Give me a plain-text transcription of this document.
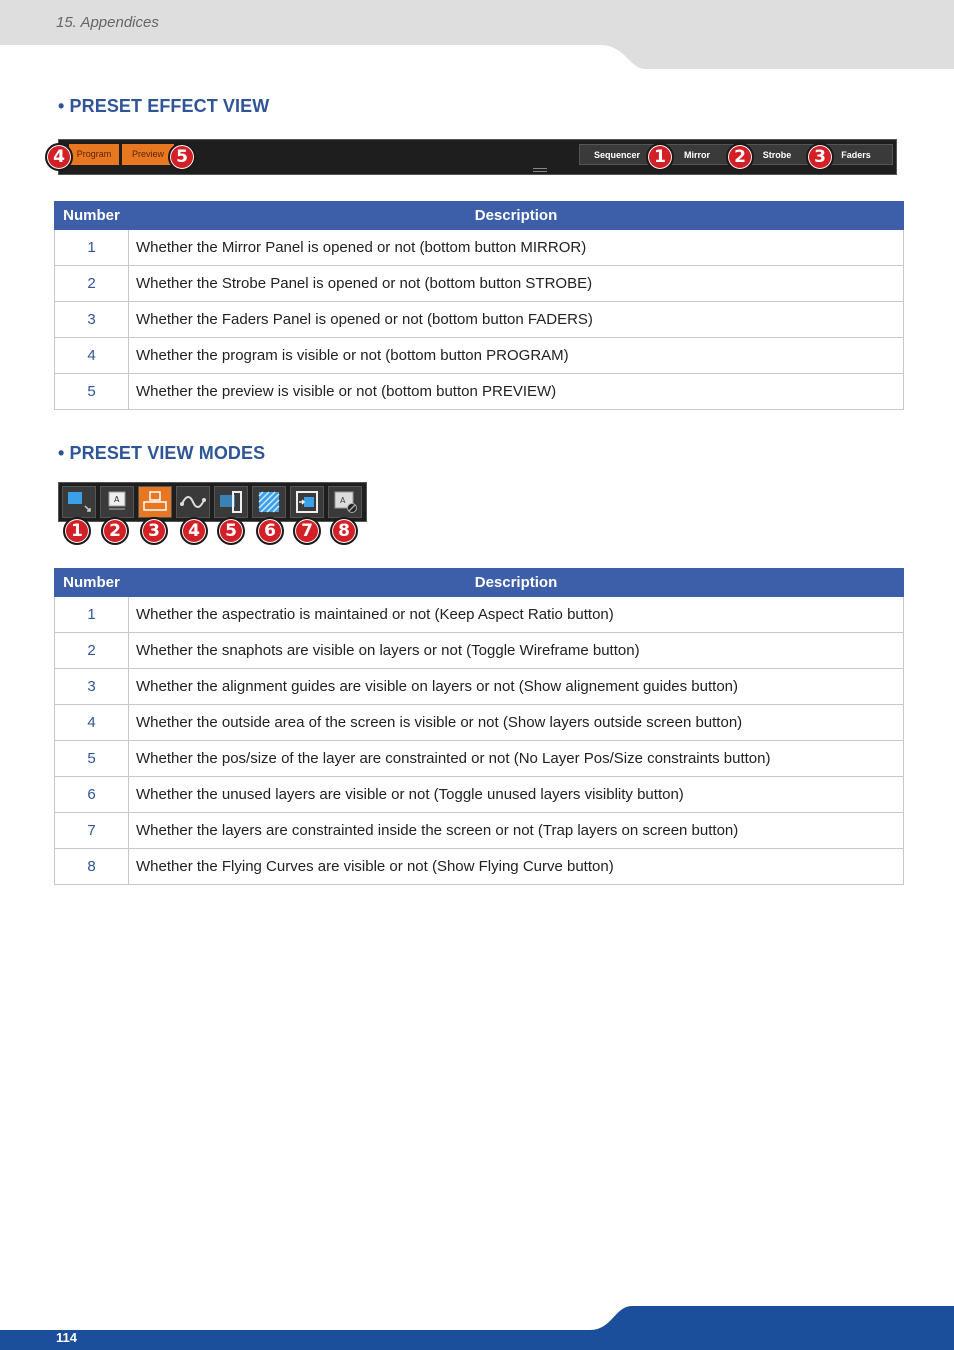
15. Appendices
• PRESET EFFECT VIEW
Program	Preview	Sequencer	Mirror	Strobe	Faders
4	5	1	2	3
Number	Description
1	Whether the Mirror Panel is opened or not (bottom button MIRROR)
2	Whether the Strobe Panel is opened or not (bottom button STROBE)
3	Whether the Faders Panel is opened or not (bottom button FADERS)
4	Whether the program is visible or not (bottom button PROGRAM)
5	Whether the preview is visible or not (bottom button PREVIEW)
• PRESET VIEW MODES
A	A
1	2	3	4	5	6	7	8
Number	Description
1	Whether the aspectratio is maintained or not (Keep Aspect Ratio button)
2	Whether the snaphots are visible on layers or not (Toggle Wireframe button)
3	Whether the alignment guides are visible on layers or not (Show alignement guides button)
4	Whether the outside area of the screen is visible or not (Show layers outside screen button)
5	Whether the pos/size of the layer are constrainted or not (No Layer Pos/Size constraints button)
6	Whether the unused layers are visible or not (Toggle unused layers visiblity button)
7	Whether the layers are constrainted inside the screen or not (Trap layers on screen button)
8	Whether the Flying Curves are visible or not (Show Flying Curve button)
114
